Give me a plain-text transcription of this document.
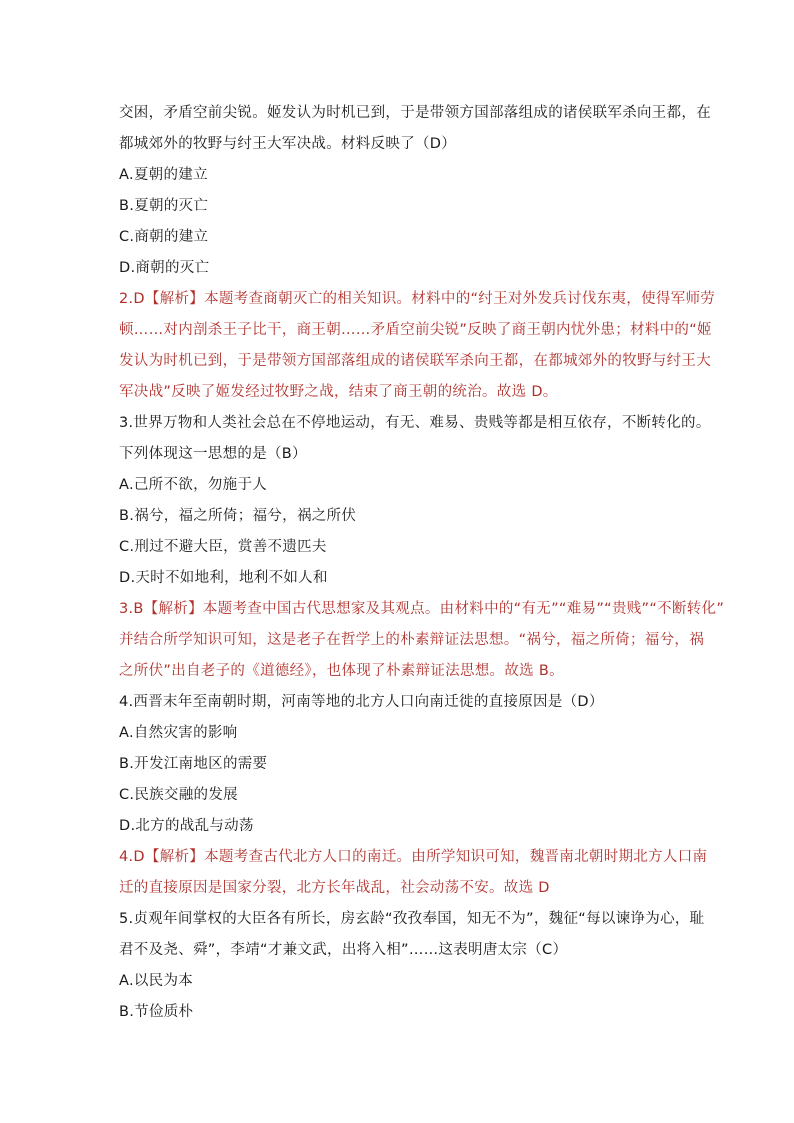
交困，矛盾空前尖锐。姬发认为时机已到，于是带领方国部落组成的诸侯联军杀向王都，在
都城郊外的牧野与纣王大军决战。材料反映了（D）
A.夏朝的建立
B.夏朝的灭亡
C.商朝的建立
D.商朝的灭亡
2.D【解析】本题考查商朝灭亡的相关知识。材料中的“纣王对外发兵讨伐东夷，使得军师劳
顿……对内剖杀王子比干，商王朝……矛盾空前尖锐”反映了商王朝内忧外患；材料中的“姬
发认为时机已到，于是带领方国部落组成的诸侯联军杀向王都，在都城郊外的牧野与纣王大
军决战”反映了姬发经过牧野之战，结束了商王朝的统治。故选 D。
3.世界万物和人类社会总在不停地运动，有无、难易、贵贱等都是相互依存，不断转化的。
下列体现这一思想的是（B）
A.己所不欲，勿施于人
B.祸兮，福之所倚；福兮，祸之所伏
C.刑过不避大臣，赏善不遗匹夫
D.天时不如地利，地利不如人和
3.B【解析】本题考查中国古代思想家及其观点。由材料中的“有无”“难易”“贵贱”“不断转化”
并结合所学知识可知，这是老子在哲学上的朴素辩证法思想。“祸兮，福之所倚；福兮，祸
之所伏”出自老子的《道德经》，也体现了朴素辩证法思想。故选 B。
4.西晋末年至南朝时期，河南等地的北方人口向南迁徙的直接原因是（D）
A.自然灾害的影响
B.开发江南地区的需要
C.民族交融的发展
D.北方的战乱与动荡
4.D【解析】本题考查古代北方人口的南迁。由所学知识可知，魏晋南北朝时期北方人口南
迁的直接原因是国家分裂，北方长年战乱，社会动荡不安。故选 D
5.贞观年间掌权的大臣各有所长，房玄龄“孜孜奉国，知无不为”，魏征“每以谏诤为心，耻
君不及尧、舜”，李靖“才兼文武，出将入相”……这表明唐太宗（C）
A.以民为本
B.节俭质朴
